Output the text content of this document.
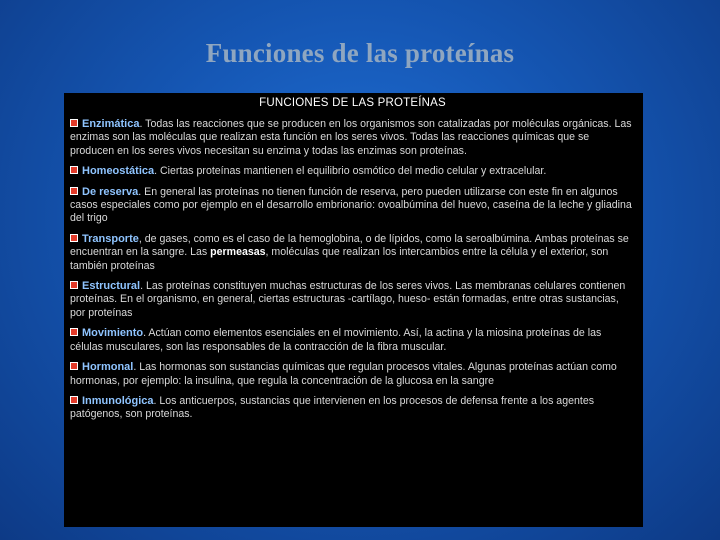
Funciones de las proteínas
FUNCIONES DE LAS PROTEÍNAS

Enzimática. Todas las reacciones que se producen en los organismos son catalizadas por moléculas orgánicas. Las enzimas son las moléculas que realizan esta función en los seres vivos. Todas las reacciones químicas que se producen en los seres vivos necesitan su enzima y todas las enzimas son proteínas.

Homeostática. Ciertas proteínas mantienen el equilibrio osmótico del medio celular y extracelular.

De reserva. En general las proteínas no tienen función de reserva, pero pueden utilizarse con este fin en algunos casos especiales como por ejemplo en el desarrollo embrionario: ovoalbúmina del huevo, caseína de la leche y gliadina del trigo

Transporte, de gases, como es el caso de la hemoglobina, o de lípidos, como la seroalbúmina. Ambas proteínas se encuentran en la sangre. Las permeasas, moléculas que realizan los intercambios entre la célula y el exterior, son también proteínas

Estructural. Las proteínas constituyen muchas estructuras de los seres vivos. Las membranas celulares contienen proteínas. En el organismo, en general, ciertas estructuras -cartílago, hueso- están formadas, entre otras sustancias, por proteínas

Movimiento. Actúan como elementos esenciales en el movimiento. Así, la actina y la miosina proteínas de las células musculares, son las responsables de la contracción de la fibra muscular.

Hormonal. Las hormonas son sustancias químicas que regulan procesos vitales. Algunas proteínas actúan como hormonas, por ejemplo: la insulina, que regula la concentración de la glucosa en la sangre

Inmunológica. Los anticuerpos, sustancias que intervienen en los procesos de defensa frente a los agentes patógenos, son proteínas.
